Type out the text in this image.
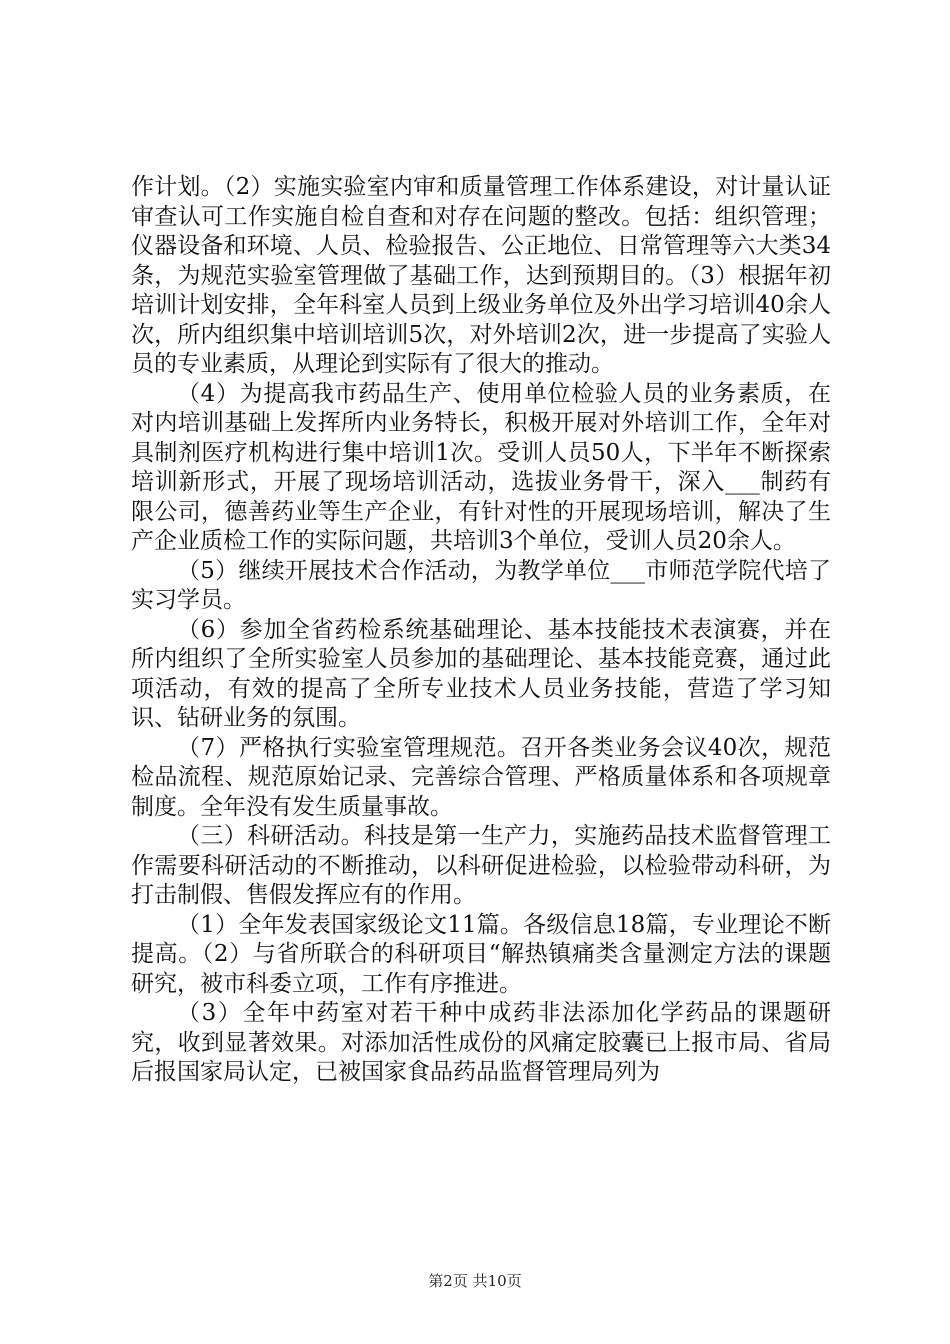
作计划。（2）实施实验室内审和质量管理工作体系建设，对计量认证审查认可工作实施自检自查和对存在问题的整改。包括：组织管理；仪器设备和环境、人员、检验报告、公正地位、日常管理等六大类34条，为规范实验室管理做了基础工作，达到预期目的。（3）根据年初培训计划安排，全年科室人员到上级业务单位及外出学习培训40余人次，所内组织集中培训培训5次，对外培训2次，进一步提高了实验人员的专业素质，从理论到实际有了很大的推动。

（4）为提高我市药品生产、使用单位检验人员的业务素质，在对内培训基础上发挥所内业务特长，积极开展对外培训工作，全年对具制剂医疗机构进行集中培训1次。受训人员50人，下半年不断探索培训新形式，开展了现场培训活动，选拔业务骨干，深入___制药有限公司，德善药业等生产企业，有针对性的开展现场培训，解决了生产企业质检工作的实际问题，共培训3个单位，受训人员20余人。

（5）继续开展技术合作活动，为教学单位___市师范学院代培了实习学员。

（6）参加全省药检系统基础理论、基本技能技术表演赛，并在所内组织了全所实验室人员参加的基础理论、基本技能竞赛，通过此项活动，有效的提高了全所专业技术人员业务技能，营造了学习知识、钻研业务的氛围。

（7）严格执行实验室管理规范。召开各类业务会议40次，规范检品流程、规范原始记录、完善综合管理、严格质量体系和各项规章制度。全年没有发生质量事故。

（三）科研活动。科技是第一生产力，实施药品技术监督管理工作需要科研活动的不断推动，以科研促进检验，以检验带动科研，为打击制假、售假发挥应有的作用。

（1）全年发表国家级论文11篇。各级信息18篇，专业理论不断提高。（2）与省所联合的科研项目“解热镇痛类含量测定方法的课题研究，被市科委立项，工作有序推进。

（3）全年中药室对若干种中成药非法添加化学药品的课题研究，收到显著效果。对添加活性成份的风痛定胶囊已上报市局、省局后报国家局认定，已被国家食品药品监督管理局列为

第2页 共10页
